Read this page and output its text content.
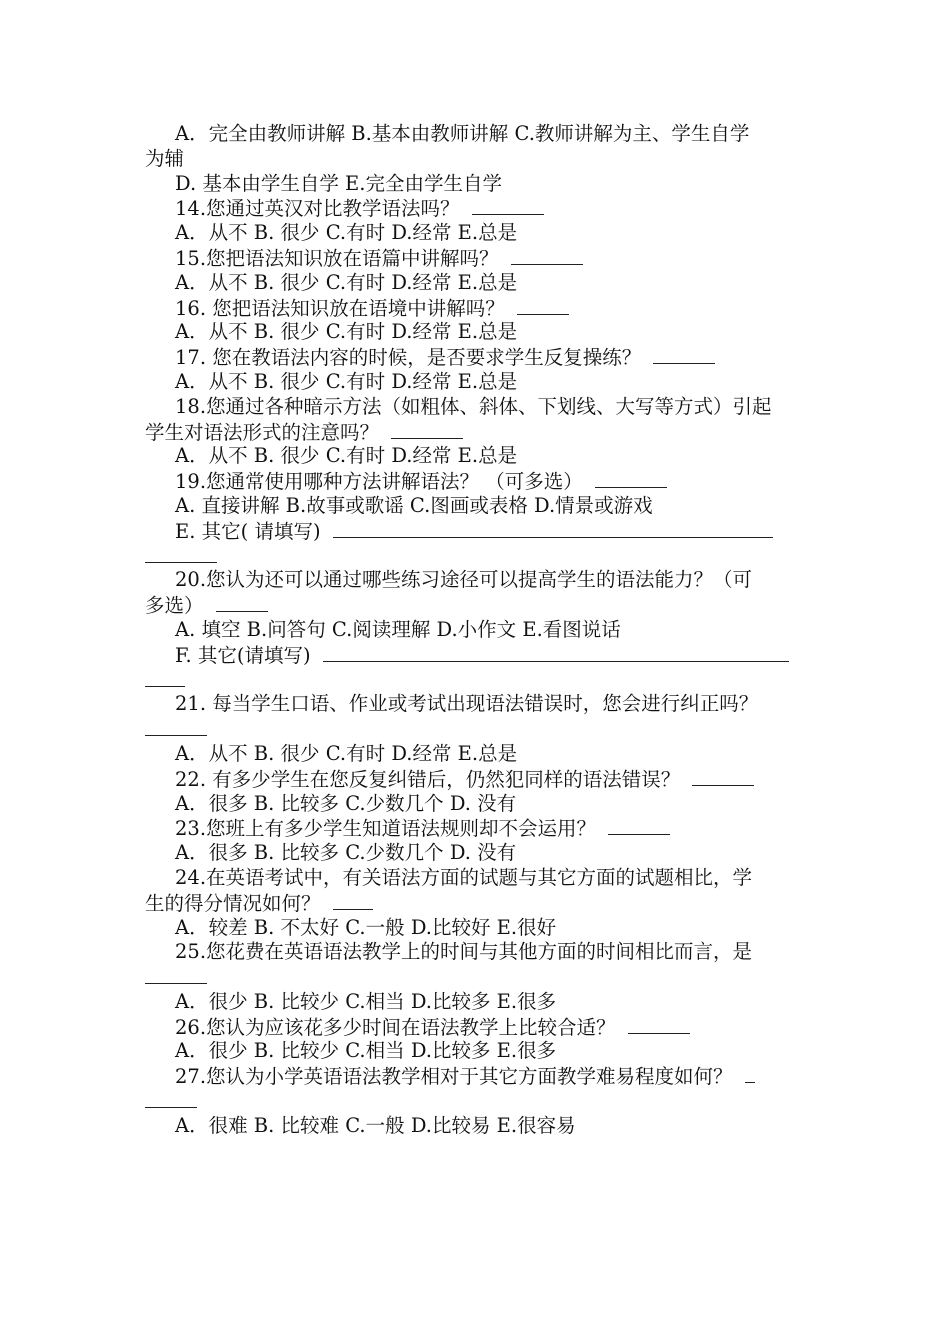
A．完全由教师讲解 B.基本由教师讲解 C.教师讲解为主、学生自学
为辅
D. 基本由学生自学 E.完全由学生自学
14.您通过英汉对比教学语法吗？
A．从不 B. 很少 C.有时 D.经常 E.总是
15.您把语法知识放在语篇中讲解吗？
A．从不 B. 很少 C.有时 D.经常 E.总是
16. 您把语法知识放在语境中讲解吗？
A．从不 B. 很少 C.有时 D.经常 E.总是
17. 您在教语法内容的时候，是否要求学生反复操练？
A．从不 B. 很少 C.有时 D.经常 E.总是
18.您通过各种暗示方法（如粗体、斜体、下划线、大写等方式）引起
学生对语法形式的注意吗？
A．从不 B. 很少 C.有时 D.经常 E.总是
19.您通常使用哪种方法讲解语法？ （可多选）
A. 直接讲解 B.故事或歌谣 C.图画或表格 D.情景或游戏
E. 其它( 请填写)
20.您认为还可以通过哪些练习途径可以提高学生的语法能力？（可
多选）
A. 填空 B.问答句 C.阅读理解 D.小作文 E.看图说话
F. 其它(请填写)
21. 每当学生口语、作业或考试出现语法错误时，您会进行纠正吗？
A．从不 B. 很少 C.有时 D.经常 E.总是
22. 有多少学生在您反复纠错后，仍然犯同样的语法错误？
A．很多 B. 比较多 C.少数几个 D. 没有
23.您班上有多少学生知道语法规则却不会运用？
A．很多 B. 比较多 C.少数几个 D. 没有
24.在英语考试中，有关语法方面的试题与其它方面的试题相比，学
生的得分情况如何？
A．较差 B. 不太好 C.一般 D.比较好 E.很好
25.您花费在英语语法教学上的时间与其他方面的时间相比而言，是
A．很少 B. 比较少 C.相当 D.比较多 E.很多
26.您认为应该花多少时间在语法教学上比较合适？
A．很少 B. 比较少 C.相当 D.比较多 E.很多
27.您认为小学英语语法教学相对于其它方面教学难易程度如何？
A．很难 B. 比较难 C.一般 D.比较易 E.很容易
